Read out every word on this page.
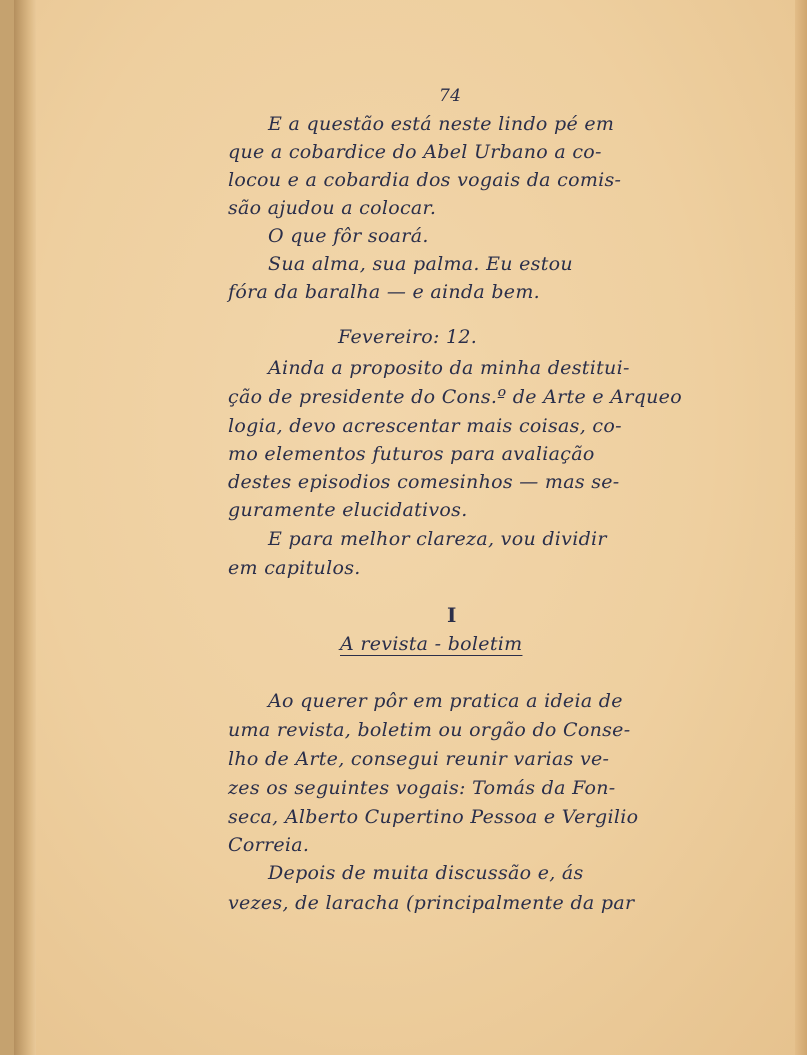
74

E a questão está neste lindo pé em

que a cobardice do Abel Urbano a co-

locou e a cobardia dos vogais da comis-

são ajudou a colocar.

O que fôr soará.

Sua alma, sua palma. Eu estou

fóra da baralha — e ainda bem.

Fevereiro: 12.

Ainda a proposito da minha destitui-

ção de presidente do Cons.º de Arte e Arqueo

logia, devo acrescentar mais coisas, co-

mo elementos futuros para avaliação

destes episodios comesinhos — mas se-

guramente elucidativos.

E para melhor clareza, vou dividir

em capitulos.

I

A revista - boletim

Ao querer pôr em pratica a ideia de

uma revista, boletim ou orgão do Conse-

lho de Arte, consegui reunir varias ve-

zes os seguintes vogais: Tomás da Fon-

seca, Alberto Cupertino Pessoa e Vergilio

Correia.

Depois de muita discussão e, ás

vezes, de laracha (principalmente da par
